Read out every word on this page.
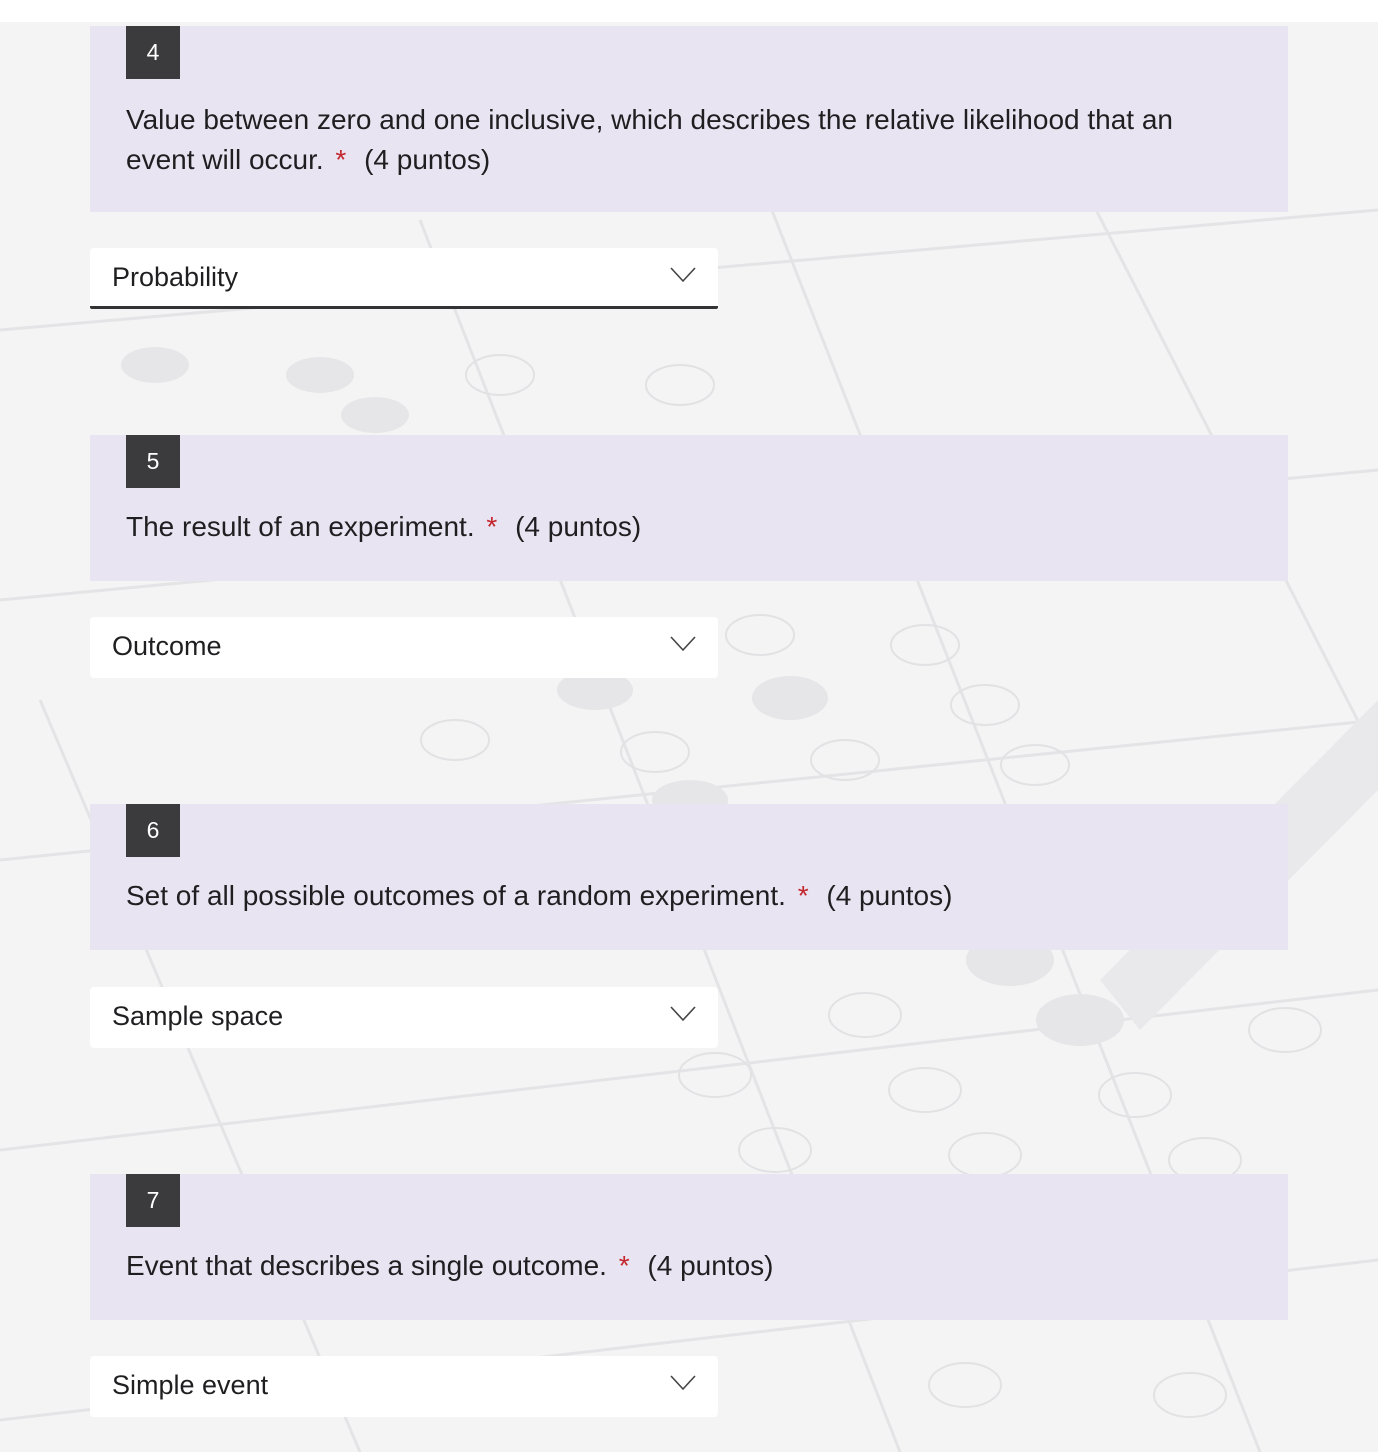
4
Value between zero and one inclusive, which describes the relative likelihood that an event will occur. * (4 puntos)
Probability
5
The result of an experiment. * (4 puntos)
Outcome
6
Set of all possible outcomes of a random experiment. * (4 puntos)
Sample space
7
Event that describes a single outcome. * (4 puntos)
Simple event
